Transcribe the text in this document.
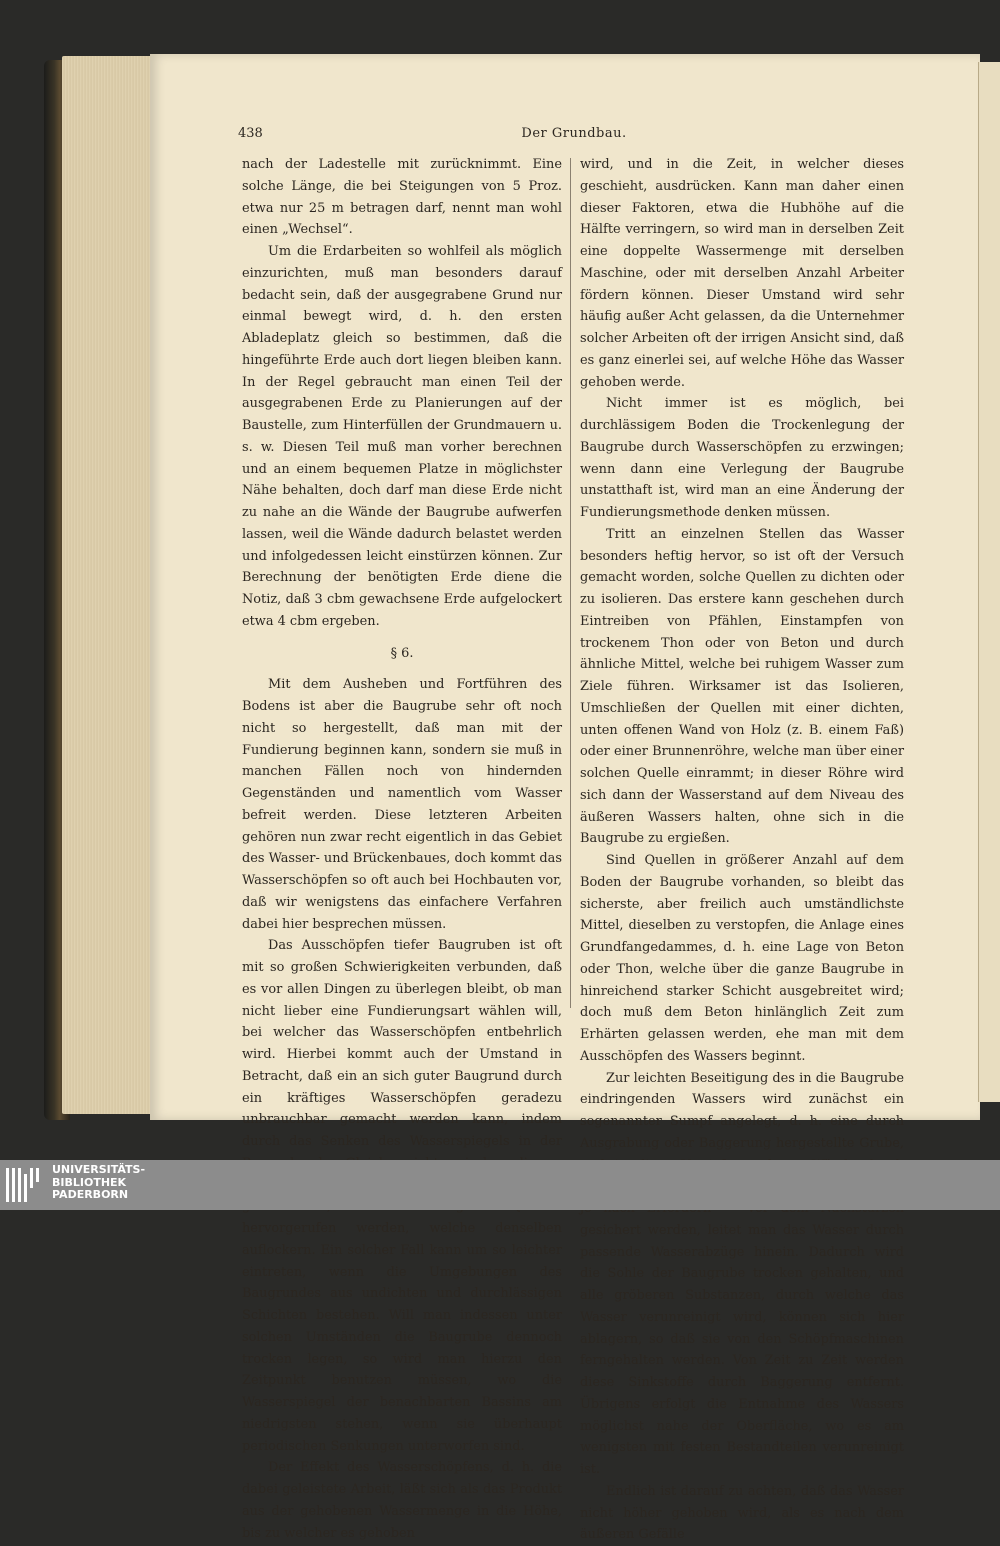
438	Der Grundbau.

nach der Ladestelle mit zurücknimmt. Eine solche Länge, die bei Steigungen von 5 Proz. etwa nur 25 m betragen darf, nennt man wohl einen „Wechsel“.

Um die Erdarbeiten so wohlfeil als möglich einzurichten, muß man besonders darauf bedacht sein, daß der ausgegrabene Grund nur einmal bewegt wird, d. h. den ersten Abladeplatz gleich so bestimmen, daß die hingeführte Erde auch dort liegen bleiben kann. In der Regel gebraucht man einen Teil der ausgegrabenen Erde zu Planierungen auf der Baustelle, zum Hinterfüllen der Grundmauern u. s. w. Diesen Teil muß man vorher berechnen und an einem bequemen Platze in möglichster Nähe behalten, doch darf man diese Erde nicht zu nahe an die Wände der Baugrube aufwerfen lassen, weil die Wände dadurch belastet werden und infolgedessen leicht einstürzen können. Zur Berechnung der benötigten Erde diene die Notiz, daß 3 cbm gewachsene Erde aufgelockert etwa 4 cbm ergeben.

§ 6.

Mit dem Ausheben und Fortführen des Bodens ist aber die Baugrube sehr oft noch nicht so hergestellt, daß man mit der Fundierung beginnen kann, sondern sie muß in manchen Fällen noch von hindernden Gegenständen und namentlich vom Wasser befreit werden. Diese letzteren Arbeiten gehören nun zwar recht eigentlich in das Gebiet des Wasser- und Brückenbaues, doch kommt das Wasserschöpfen so oft auch bei Hochbauten vor, daß wir wenigstens das einfachere Verfahren dabei hier besprechen müssen.

Das Ausschöpfen tiefer Baugruben ist oft mit so großen Schwierigkeiten verbunden, daß es vor allen Dingen zu überlegen bleibt, ob man nicht lieber eine Fundierungsart wählen will, bei welcher das Wasserschöpfen entbehrlich wird. Hierbei kommt auch der Umstand in Betracht, daß ein an sich guter Baugrund durch ein kräftiges Wasserschöpfen geradezu unbrauchbar gemacht werden kann, indem durch das Senken des Wasserspiegels in der hervorgerufen werden, welche denselben auflockern. Ein solcher Fall kann um so leichter eintreten, wenn die Umgebungen des Baugrundes aus undichten und durchlässigen Schichten bestehen. Will man indessen unter solchen Umständen die Baugrube dennoch trocken legen, so wird man hierzu den Zeitpunkt benutzen müssen, wo die Wasserspiegel der benachbarten Bassins am niedrigsten stehen, wenn sie überhaupt periodischen Senkungen unterworfen sind.

Der Effekt des Wasserschöpfens, d. h. die dabei geleistete Arbeit, läßt sich als das Produkt aus der gehobenen Wassermenge in die Höhe, bis zu welcher es gehoben

wird, und in die Zeit, in welcher dieses geschieht, ausdrücken. Kann man daher einen dieser Faktoren, etwa die Hubhöhe auf die Hälfte verringern, so wird man in derselben Zeit eine doppelte Wassermenge mit derselben Maschine, oder mit derselben Anzahl Arbeiter fördern können. Dieser Umstand wird sehr häufig außer Acht gelassen, da die Unternehmer solcher Arbeiten oft der irrigen Ansicht sind, daß es ganz einerlei sei, auf welche Höhe das Wasser gehoben werde.

Nicht immer ist es möglich, bei durchlässigem Boden die Trockenlegung der Baugrube durch Wasserschöpfen zu erzwingen; wenn dann eine Verlegung der Baugrube unstatthaft ist, wird man an eine Änderung der Fundierungsmethode denken müssen.

Tritt an einzelnen Stellen das Wasser besonders heftig hervor, so ist oft der Versuch gemacht worden, solche Quellen zu dichten oder zu isolieren. Das erstere kann geschehen durch Eintreiben von Pfählen, Einstampfen von trockenem Thon oder von Beton und durch ähnliche Mittel, welche bei ruhigem Wasser zum Ziele führen. Wirksamer ist das Isolieren, Umschließen der Quellen mit einer dichten, unten offenen Wand von Holz (z. B. einem Faß) oder einer Brunnenröhre, welche man über einer solchen Quelle einrammt; in dieser Röhre wird sich dann der Wasserstand auf dem Niveau des äußeren Wassers halten, ohne sich in die Baugrube zu ergießen.

Sind Quellen in größerer Anzahl auf dem Boden der Baugrube vorhanden, so bleibt das sicherste, aber freilich auch umständlichste Mittel, dieselben zu verstopfen, die Anlage eines Grundfangedammes, d. h. eine Lage von Beton oder Thon, welche über die ganze Baugrube in hinreichend starker Schicht ausgebreitet wird; doch muß dem Beton hinlänglich Zeit zum Erhärten gelassen werden, ehe man mit dem Ausschöpfen des Wassers beginnt.

Zur leichten Beseitigung des in die Baugrube eindringenden Wassers wird zunächst ein sogenannter Sumpf angelegt, d. h. eine durch Ausgrabung oder Baggerung hergestellte Grube, gesichert werden, leitet man das Wasser durch passende Wasserabzüge hinein. Dadurch wird die Sohle der Baugrube trocken gehalten, und alle gröberen Substanzen, durch welche das Wasser verunreinigt wird, können sich hier ablagern, so daß sie von den Schöpfmaschinen ferngehalten werden. Von Zeit zu Zeit werden diese Sinkstoffe durch Baggerung entfernt. Übrigens erfolgt die Entnahme des Wassers möglichst nahe der Oberfläche, wo es am wenigsten mit festen Bestandteilen verunreinigt ist.

Endlich ist darauf zu achten, daß das Wasser nicht höher gehoben wird, als es nach dem äußeren Gefälle

UNIVERSITÄTS-
BIBLIOTHEK
PADERBORN
